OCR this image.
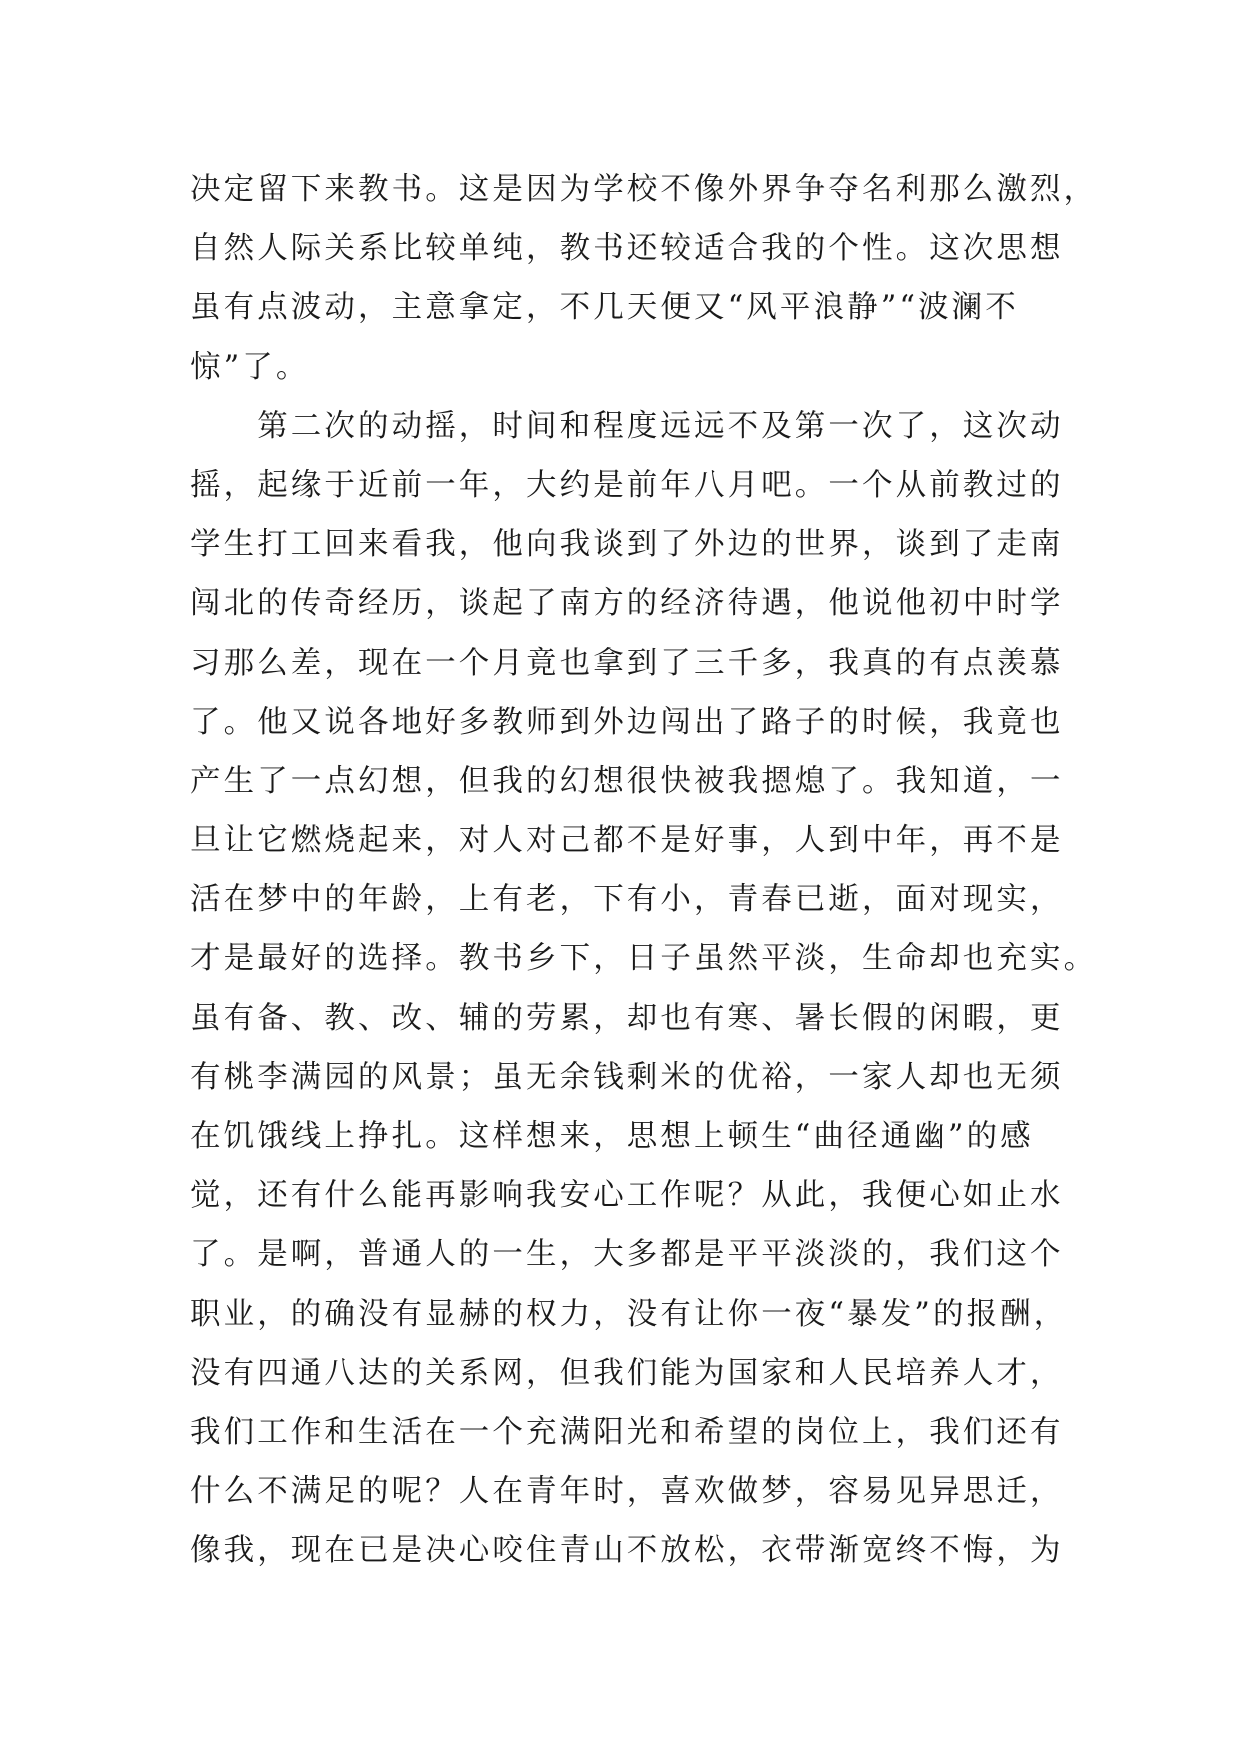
决定留下来教书。这是因为学校不像外界争夺名利那么激烈，
自然人际关系比较单纯，教书还较适合我的个性。这次思想
虽有点波动，主意拿定，不几天便又“风平浪静”“波澜不
惊”了。
　　第二次的动摇，时间和程度远远不及第一次了，这次动
摇，起缘于近前一年，大约是前年八月吧。一个从前教过的
学生打工回来看我，他向我谈到了外边的世界，谈到了走南
闯北的传奇经历，谈起了南方的经济待遇，他说他初中时学
习那么差，现在一个月竟也拿到了三千多，我真的有点羡慕
了。他又说各地好多教师到外边闯出了路子的时候，我竟也
产生了一点幻想，但我的幻想很快被我摁熄了。我知道，一
旦让它燃烧起来，对人对己都不是好事，人到中年，再不是
活在梦中的年龄，上有老，下有小，青春已逝，面对现实，
才是最好的选择。教书乡下，日子虽然平淡，生命却也充实。
虽有备、教、改、辅的劳累，却也有寒、暑长假的闲暇，更
有桃李满园的风景；虽无余钱剩米的优裕，一家人却也无须
在饥饿线上挣扎。这样想来，思想上顿生“曲径通幽”的感
觉，还有什么能再影响我安心工作呢？从此，我便心如止水
了。是啊，普通人的一生，大多都是平平淡淡的，我们这个
职业，的确没有显赫的权力，没有让你一夜“暴发”的报酬，
没有四通八达的关系网，但我们能为国家和人民培养人才，
我们工作和生活在一个充满阳光和希望的岗位上，我们还有
什么不满足的呢？人在青年时，喜欢做梦，容易见异思迁，
像我，现在已是决心咬住青山不放松，衣带渐宽终不悔，为
